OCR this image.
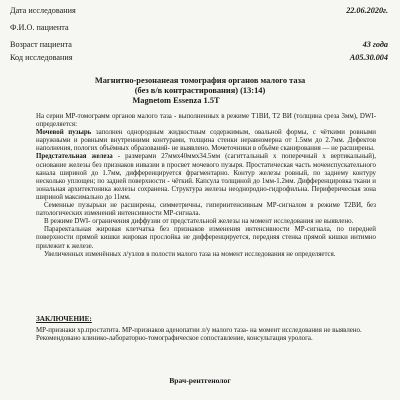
Дата исследования	22.06.2020г.
Ф.И.О. пациента
Возраст пациента	43 года
Код исследования	А05.30.004
Магнитно-резонанеая томография органов малого таза
(без в/в контрастирования) (13:14)
Magnetom Essenza 1.5T

На серии МР-томограмм органов малого таза - выполненных в режиме Т1ВИ, Т2 ВИ (толщина среза 3мм), DWI- определяется:

Мочевой пузырь заполнен однородным жидкостным содержимым, овальной формы, с чёткими ровными наружными и ровными внутренними контурами, толщина стенки неравномерна от 1.5мм до 2.7мм. Дефектов наполнения, пологих объёмных образований- не выявлено. Мочеточники в объёме сканирования — не расширены.

Предстательная железа - размерами 27ммх40ммх34.5мм (сагиттальный х поперечный х вертикальный), основание железы без признаков инвазии в просвет мочевого пузыря. Простатическая часть мочеиспускательного канала шириной до 1.7мм, дифференцируется фрагментарно. Контур железы ровный, по заднему контуру несколько уплощен; по задней поверхности - чёткий. Капсула толщиной до 1мм-1.2мм. Дифференцировка ткани и зональная архитектоника железы сохранена. Структура железы неоднородно-гидрофильна. Периферическая зона шириной максимально до 11мм.

Семенные пузырьки не расширены, симметричны, гиперинтенсивным МР-сигналом в режиме Т2ВИ, без патологических изменений интенсивности МР-сигнала.

В режиме DWI- ограничения диффузии от предстательной железы на момент исследования не выявлено.

Параректальная жировая клетчатка без признаков изменения интенсивности МР-сигнала, по передней поверхности прямой кишки жировая прослойка не дифференцируется, передняя стенка прямой кишки интимно прилежит к железе.

Увеличенных изменённых л/узлов в полости малого таза на момент исследования не определяется.

ЗАКЛЮЧЕНИЕ:

МР-признаки хр.простатита. МР-признаков аденопатии л/у малого таза- на момент исследования не выявлено.

Рекомендовано клинико-лабораторно-томографическое сопоставление, консультация уролога.

Врач-рентгенолог
